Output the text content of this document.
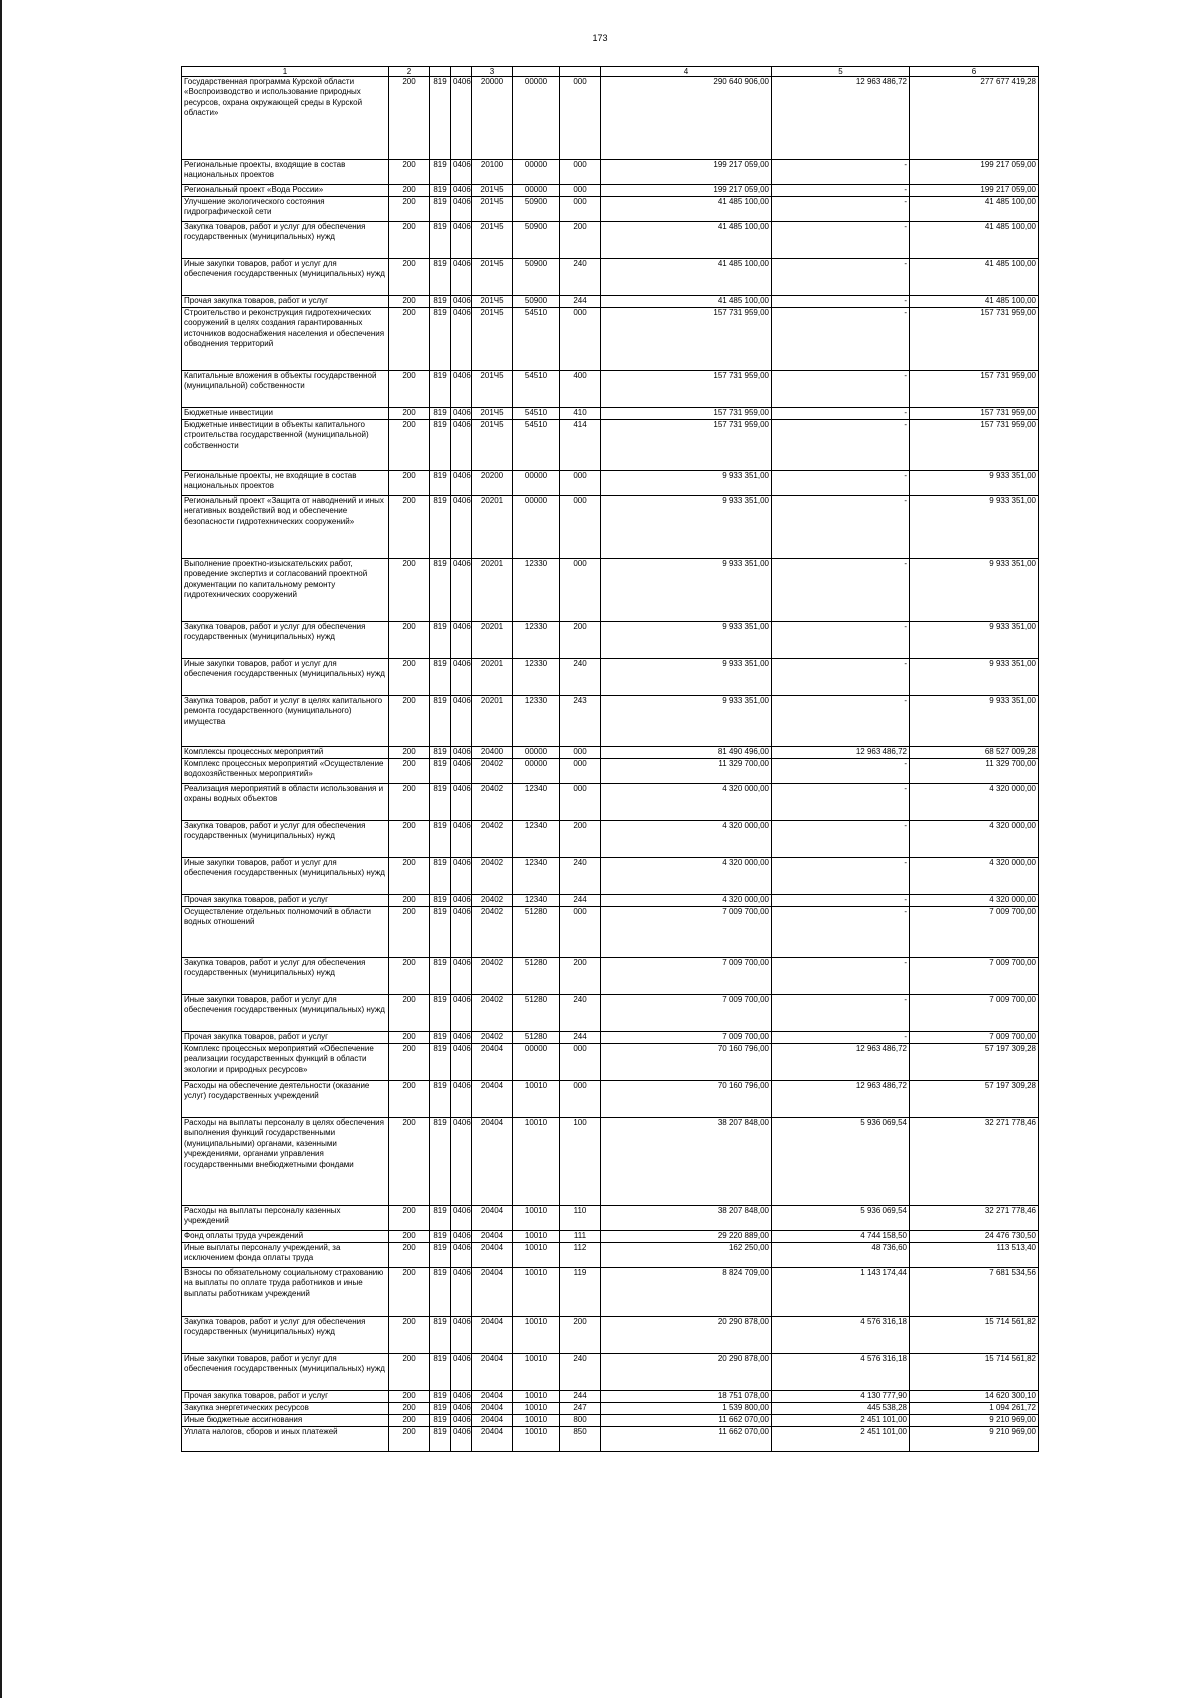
173
1	2			3			4	5	6
Государственная программа Курской области «Воспроизводство и использование природных ресурсов, охрана окружающей среды в Курской области»	200	819	0406	20000	00000	000	290 640 906,00	12 963 486,72	277 677 419,28
Региональные проекты, входящие в состав национальных проектов	200	819	0406	20100	00000	000	199 217 059,00	-	199 217 059,00
Региональный проект «Вода России»	200	819	0406	201Ч5	00000	000	199 217 059,00	-	199 217 059,00
Улучшение экологического состояния гидрографической сети	200	819	0406	201Ч5	50900	000	41 485 100,00	-	41 485 100,00
Закупка товаров, работ и услуг для обеспечения государственных (муниципальных) нужд	200	819	0406	201Ч5	50900	200	41 485 100,00	-	41 485 100,00
Иные закупки товаров, работ и услуг для обеспечения государственных (муниципальных) нужд	200	819	0406	201Ч5	50900	240	41 485 100,00	-	41 485 100,00
Прочая закупка товаров, работ и услуг	200	819	0406	201Ч5	50900	244	41 485 100,00	-	41 485 100,00
Строительство и реконструкция гидротехнических сооружений в целях создания гарантированных источников водоснабжения населения и обеспечения обводнения территорий	200	819	0406	201Ч5	54510	000	157 731 959,00	-	157 731 959,00
Капитальные вложения в объекты государственной (муниципальной) собственности	200	819	0406	201Ч5	54510	400	157 731 959,00	-	157 731 959,00
Бюджетные инвестиции	200	819	0406	201Ч5	54510	410	157 731 959,00	-	157 731 959,00
Бюджетные инвестиции в объекты капитального строительства государственной (муниципальной) собственности	200	819	0406	201Ч5	54510	414	157 731 959,00	-	157 731 959,00
Региональные проекты, не входящие в состав национальных проектов	200	819	0406	20200	00000	000	9 933 351,00	-	9 933 351,00
Региональный проект «Защита от наводнений и иных негативных воздействий вод и обеспечение безопасности гидротехнических сооружений»	200	819	0406	20201	00000	000	9 933 351,00	-	9 933 351,00
Выполнение проектно-изыскательских работ, проведение экспертиз и согласований проектной документации по капитальному ремонту гидротехнических сооружений	200	819	0406	20201	12330	000	9 933 351,00	-	9 933 351,00
Закупка товаров, работ и услуг для обеспечения государственных (муниципальных) нужд	200	819	0406	20201	12330	200	9 933 351,00	-	9 933 351,00
Иные закупки товаров, работ и услуг для обеспечения государственных (муниципальных) нужд	200	819	0406	20201	12330	240	9 933 351,00	-	9 933 351,00
Закупка товаров, работ и услуг в целях капитального ремонта государственного (муниципального) имущества	200	819	0406	20201	12330	243	9 933 351,00	-	9 933 351,00
Комплексы процессных мероприятий	200	819	0406	20400	00000	000	81 490 496,00	12 963 486,72	68 527 009,28
Комплекс процессных мероприятий «Осуществление водохозяйственных мероприятий»	200	819	0406	20402	00000	000	11 329 700,00	-	11 329 700,00
Реализация мероприятий в области использования и охраны водных объектов	200	819	0406	20402	12340	000	4 320 000,00	-	4 320 000,00
Закупка товаров, работ и услуг для обеспечения государственных (муниципальных) нужд	200	819	0406	20402	12340	200	4 320 000,00	-	4 320 000,00
Иные закупки товаров, работ и услуг для обеспечения государственных (муниципальных) нужд	200	819	0406	20402	12340	240	4 320 000,00	-	4 320 000,00
Прочая закупка товаров, работ и услуг	200	819	0406	20402	12340	244	4 320 000,00	-	4 320 000,00
Осуществление отдельных полномочий в области водных отношений	200	819	0406	20402	51280	000	7 009 700,00	-	7 009 700,00
Закупка товаров, работ и услуг для обеспечения государственных (муниципальных) нужд	200	819	0406	20402	51280	200	7 009 700,00	-	7 009 700,00
Иные закупки товаров, работ и услуг для обеспечения государственных (муниципальных) нужд	200	819	0406	20402	51280	240	7 009 700,00	-	7 009 700,00
Прочая закупка товаров, работ и услуг	200	819	0406	20402	51280	244	7 009 700,00	-	7 009 700,00
Комплекс процессных мероприятий «Обеспечение реализации государственных функций в области экологии и природных ресурсов»	200	819	0406	20404	00000	000	70 160 796,00	12 963 486,72	57 197 309,28
Расходы на обеспечение деятельности (оказание услуг) государственных учреждений	200	819	0406	20404	10010	000	70 160 796,00	12 963 486,72	57 197 309,28
Расходы на выплаты персоналу в целях обеспечения выполнения функций государственными (муниципальными) органами, казенными учреждениями, органами управления государственными внебюджетными фондами	200	819	0406	20404	10010	100	38 207 848,00	5 936 069,54	32 271 778,46
Расходы на выплаты персоналу казенных учреждений	200	819	0406	20404	10010	110	38 207 848,00	5 936 069,54	32 271 778,46
Фонд оплаты труда учреждений	200	819	0406	20404	10010	111	29 220 889,00	4 744 158,50	24 476 730,50
Иные выплаты персоналу учреждений, за исключением фонда оплаты труда	200	819	0406	20404	10010	112	162 250,00	48 736,60	113 513,40
Взносы по обязательному социальному страхованию на выплаты по оплате труда работников и иные выплаты работникам учреждений	200	819	0406	20404	10010	119	8 824 709,00	1 143 174,44	7 681 534,56
Закупка товаров, работ и услуг для обеспечения государственных (муниципальных) нужд	200	819	0406	20404	10010	200	20 290 878,00	4 576 316,18	15 714 561,82
Иные закупки товаров, работ и услуг для обеспечения государственных (муниципальных) нужд	200	819	0406	20404	10010	240	20 290 878,00	4 576 316,18	15 714 561,82
Прочая закупка товаров, работ и услуг	200	819	0406	20404	10010	244	18 751 078,00	4 130 777,90	14 620 300,10
Закупка энергетических ресурсов	200	819	0406	20404	10010	247	1 539 800,00	445 538,28	1 094 261,72
Иные бюджетные ассигнования	200	819	0406	20404	10010	800	11 662 070,00	2 451 101,00	9 210 969,00
Уплата налогов, сборов и иных платежей	200	819	0406	20404	10010	850	11 662 070,00	2 451 101,00	9 210 969,00
